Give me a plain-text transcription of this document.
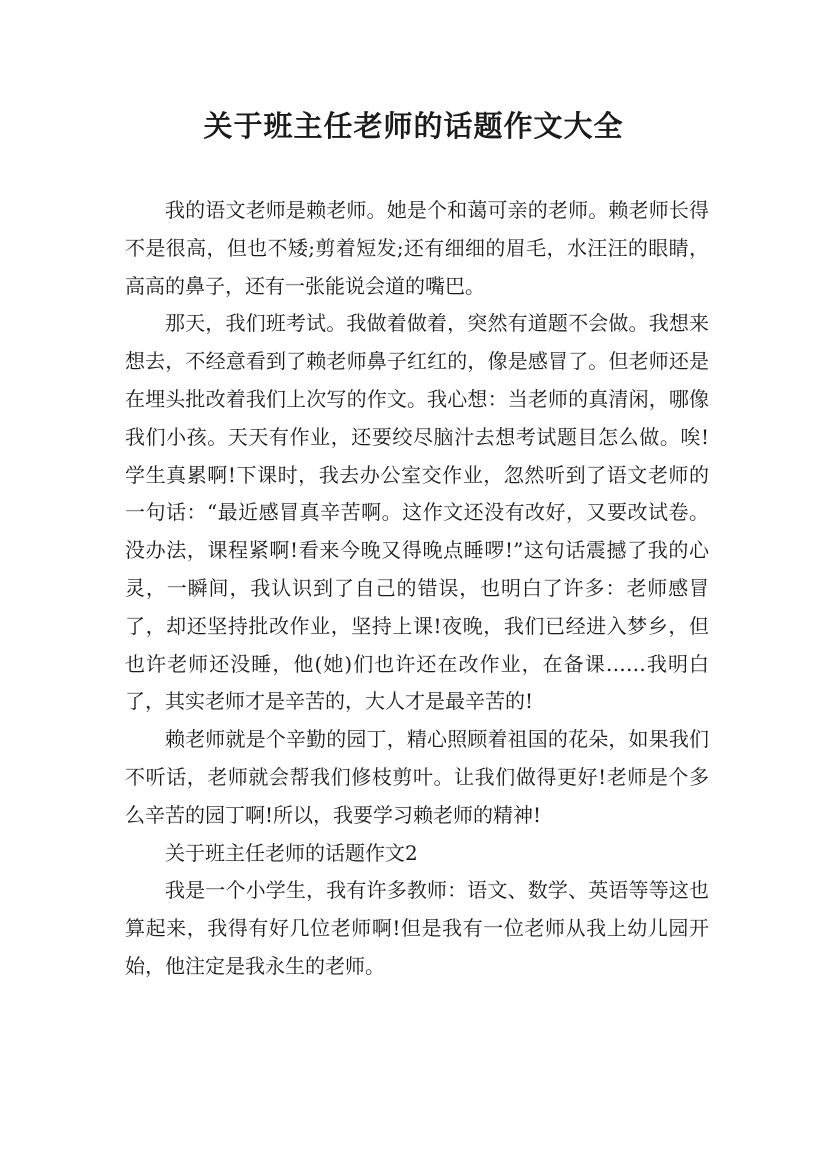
关于班主任老师的话题作文大全

我的语文老师是赖老师。她是个和蔼可亲的老师。赖老师长得不是很高，但也不矮;剪着短发;还有细细的眉毛，水汪汪的眼睛，高高的鼻子，还有一张能说会道的嘴巴。

那天，我们班考试。我做着做着，突然有道题不会做。我想来想去，不经意看到了赖老师鼻子红红的，像是感冒了。但老师还是在埋头批改着我们上次写的作文。我心想：当老师的真清闲，哪像我们小孩。天天有作业，还要绞尽脑汁去想考试题目怎么做。唉!学生真累啊!下课时，我去办公室交作业，忽然听到了语文老师的一句话：“最近感冒真辛苦啊。这作文还没有改好，又要改试卷。没办法，课程紧啊!看来今晚又得晚点睡啰!”这句话震撼了我的心灵，一瞬间，我认识到了自己的错误，也明白了许多：老师感冒了，却还坚持批改作业，坚持上课!夜晚，我们已经进入梦乡，但也许老师还没睡，他(她)们也许还在改作业，在备课……我明白了，其实老师才是辛苦的，大人才是最辛苦的!

赖老师就是个辛勤的园丁，精心照顾着祖国的花朵，如果我们不听话，老师就会帮我们修枝剪叶。让我们做得更好!老师是个多么辛苦的园丁啊!所以，我要学习赖老师的精神!

关于班主任老师的话题作文2

我是一个小学生，我有许多教师：语文、数学、英语等等这也算起来，我得有好几位老师啊!但是我有一位老师从我上幼儿园开始，他注定是我永生的老师。
